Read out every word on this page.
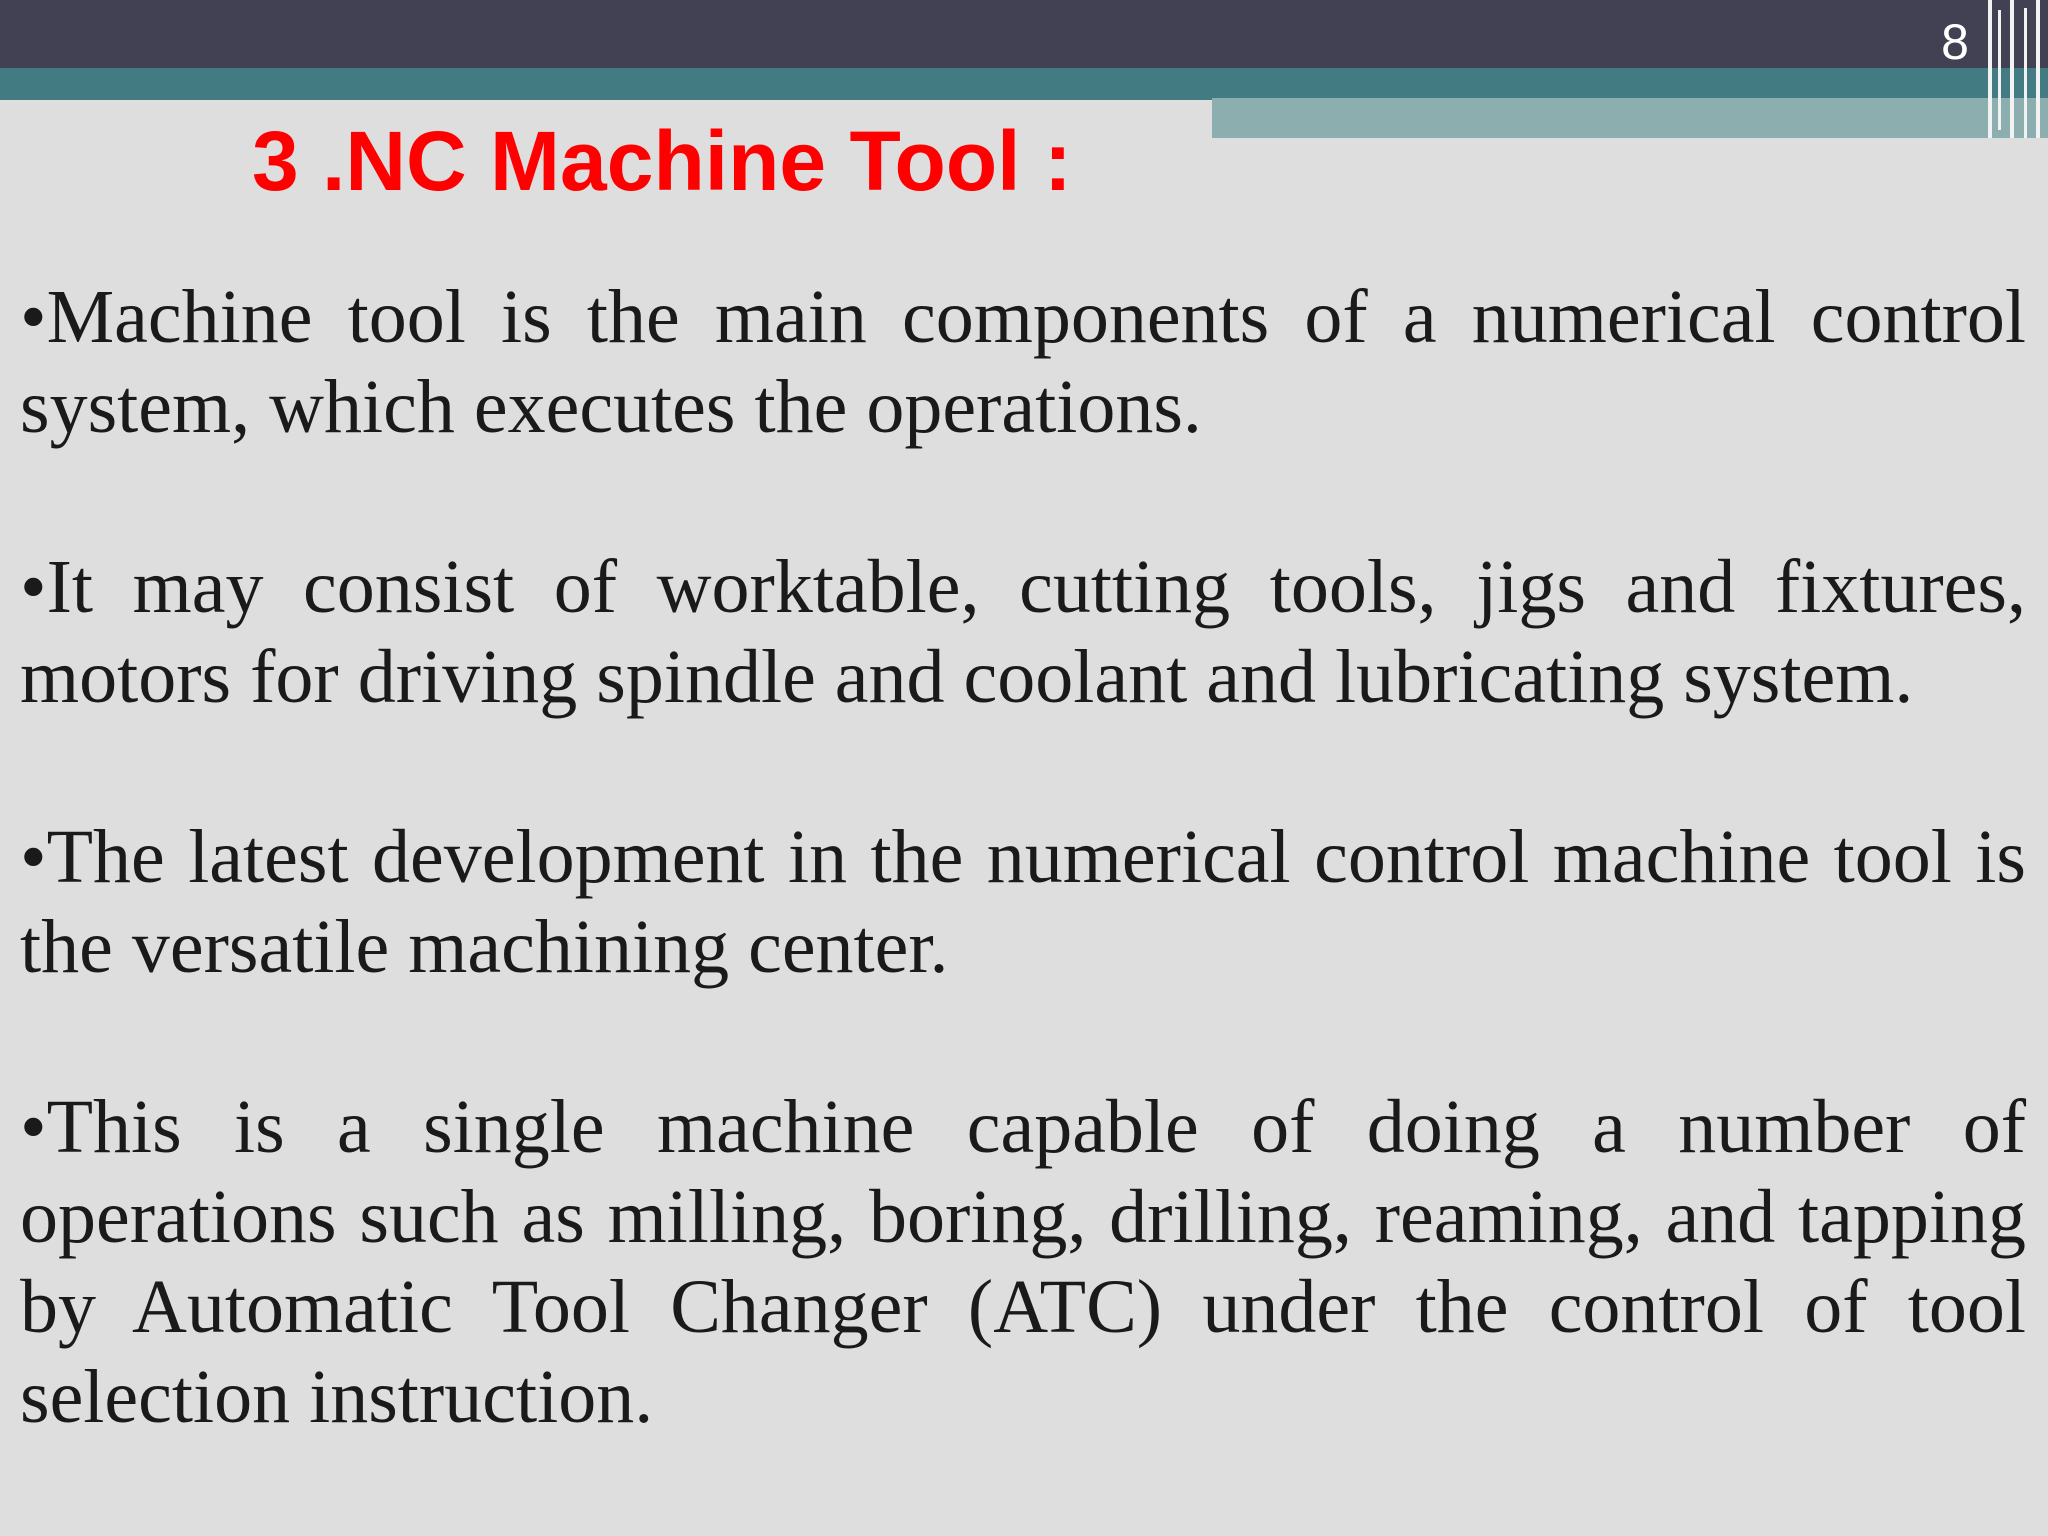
8
3 .NC Machine Tool :
•Machine tool is the main components of a numerical control system, which executes the operations.
•It may consist of worktable, cutting tools, jigs and fixtures, motors for driving spindle and coolant and lubricating system.
•The latest development in the numerical control machine tool is the versatile machining center.
•This is a single machine capable of doing a number of operations such as milling, boring, drilling, reaming, and tapping by Automatic Tool Changer (ATC) under the control of tool selection instruction.
